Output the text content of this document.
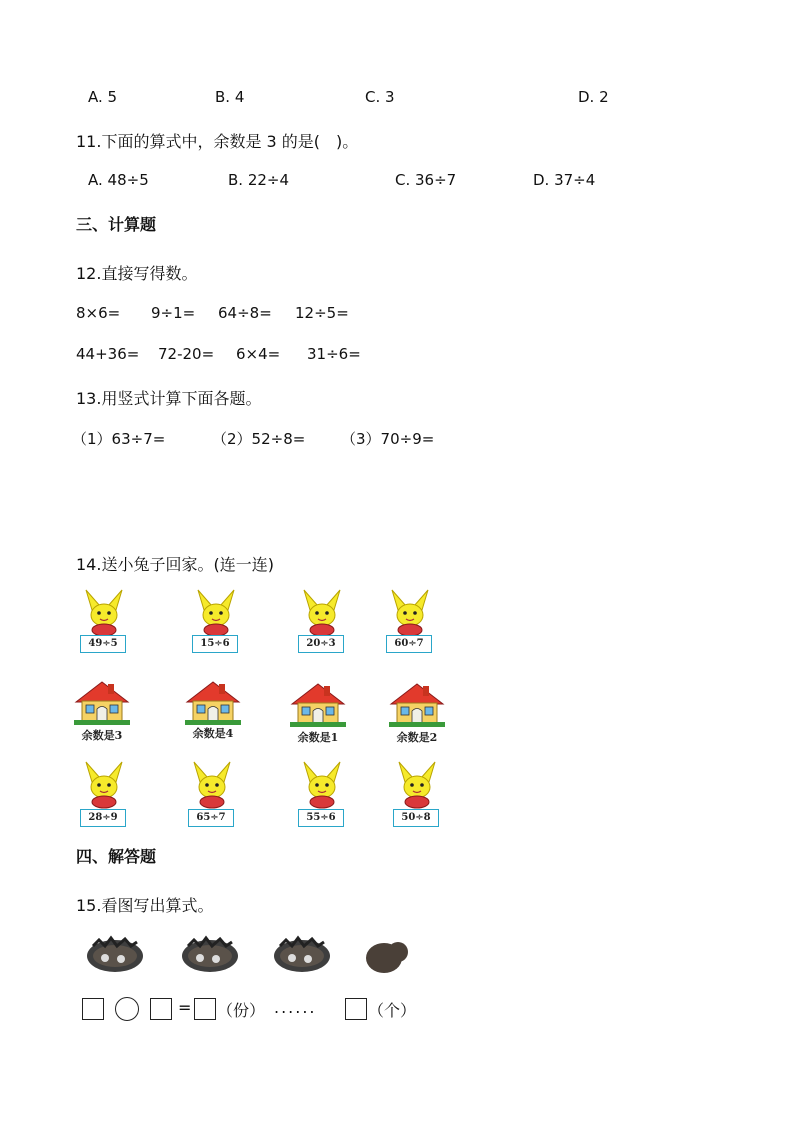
A. 5	B. 4	C. 3	D. 2
11.下面的算式中，余数是 3 的是(　)。
A. 48÷5	B. 22÷4	C. 36÷7	D. 37÷4
三、计算题
12.直接写得数。
8×6= 9÷1= 64÷8= 12÷5=
44+36= 72-20= 6×4= 31÷6=
13.用竖式计算下面各题。
（1）63÷7=	（2）52÷8= （3）70÷9=
14.送小兔子回家。(连一连)
49÷5	15÷6	20÷3	60÷7
余数是3	余数是4	余数是1	余数是2
28÷9	65÷7	55÷6	50÷8
四、解答题
15.看图写出算式。
= （份） ......	（个）
